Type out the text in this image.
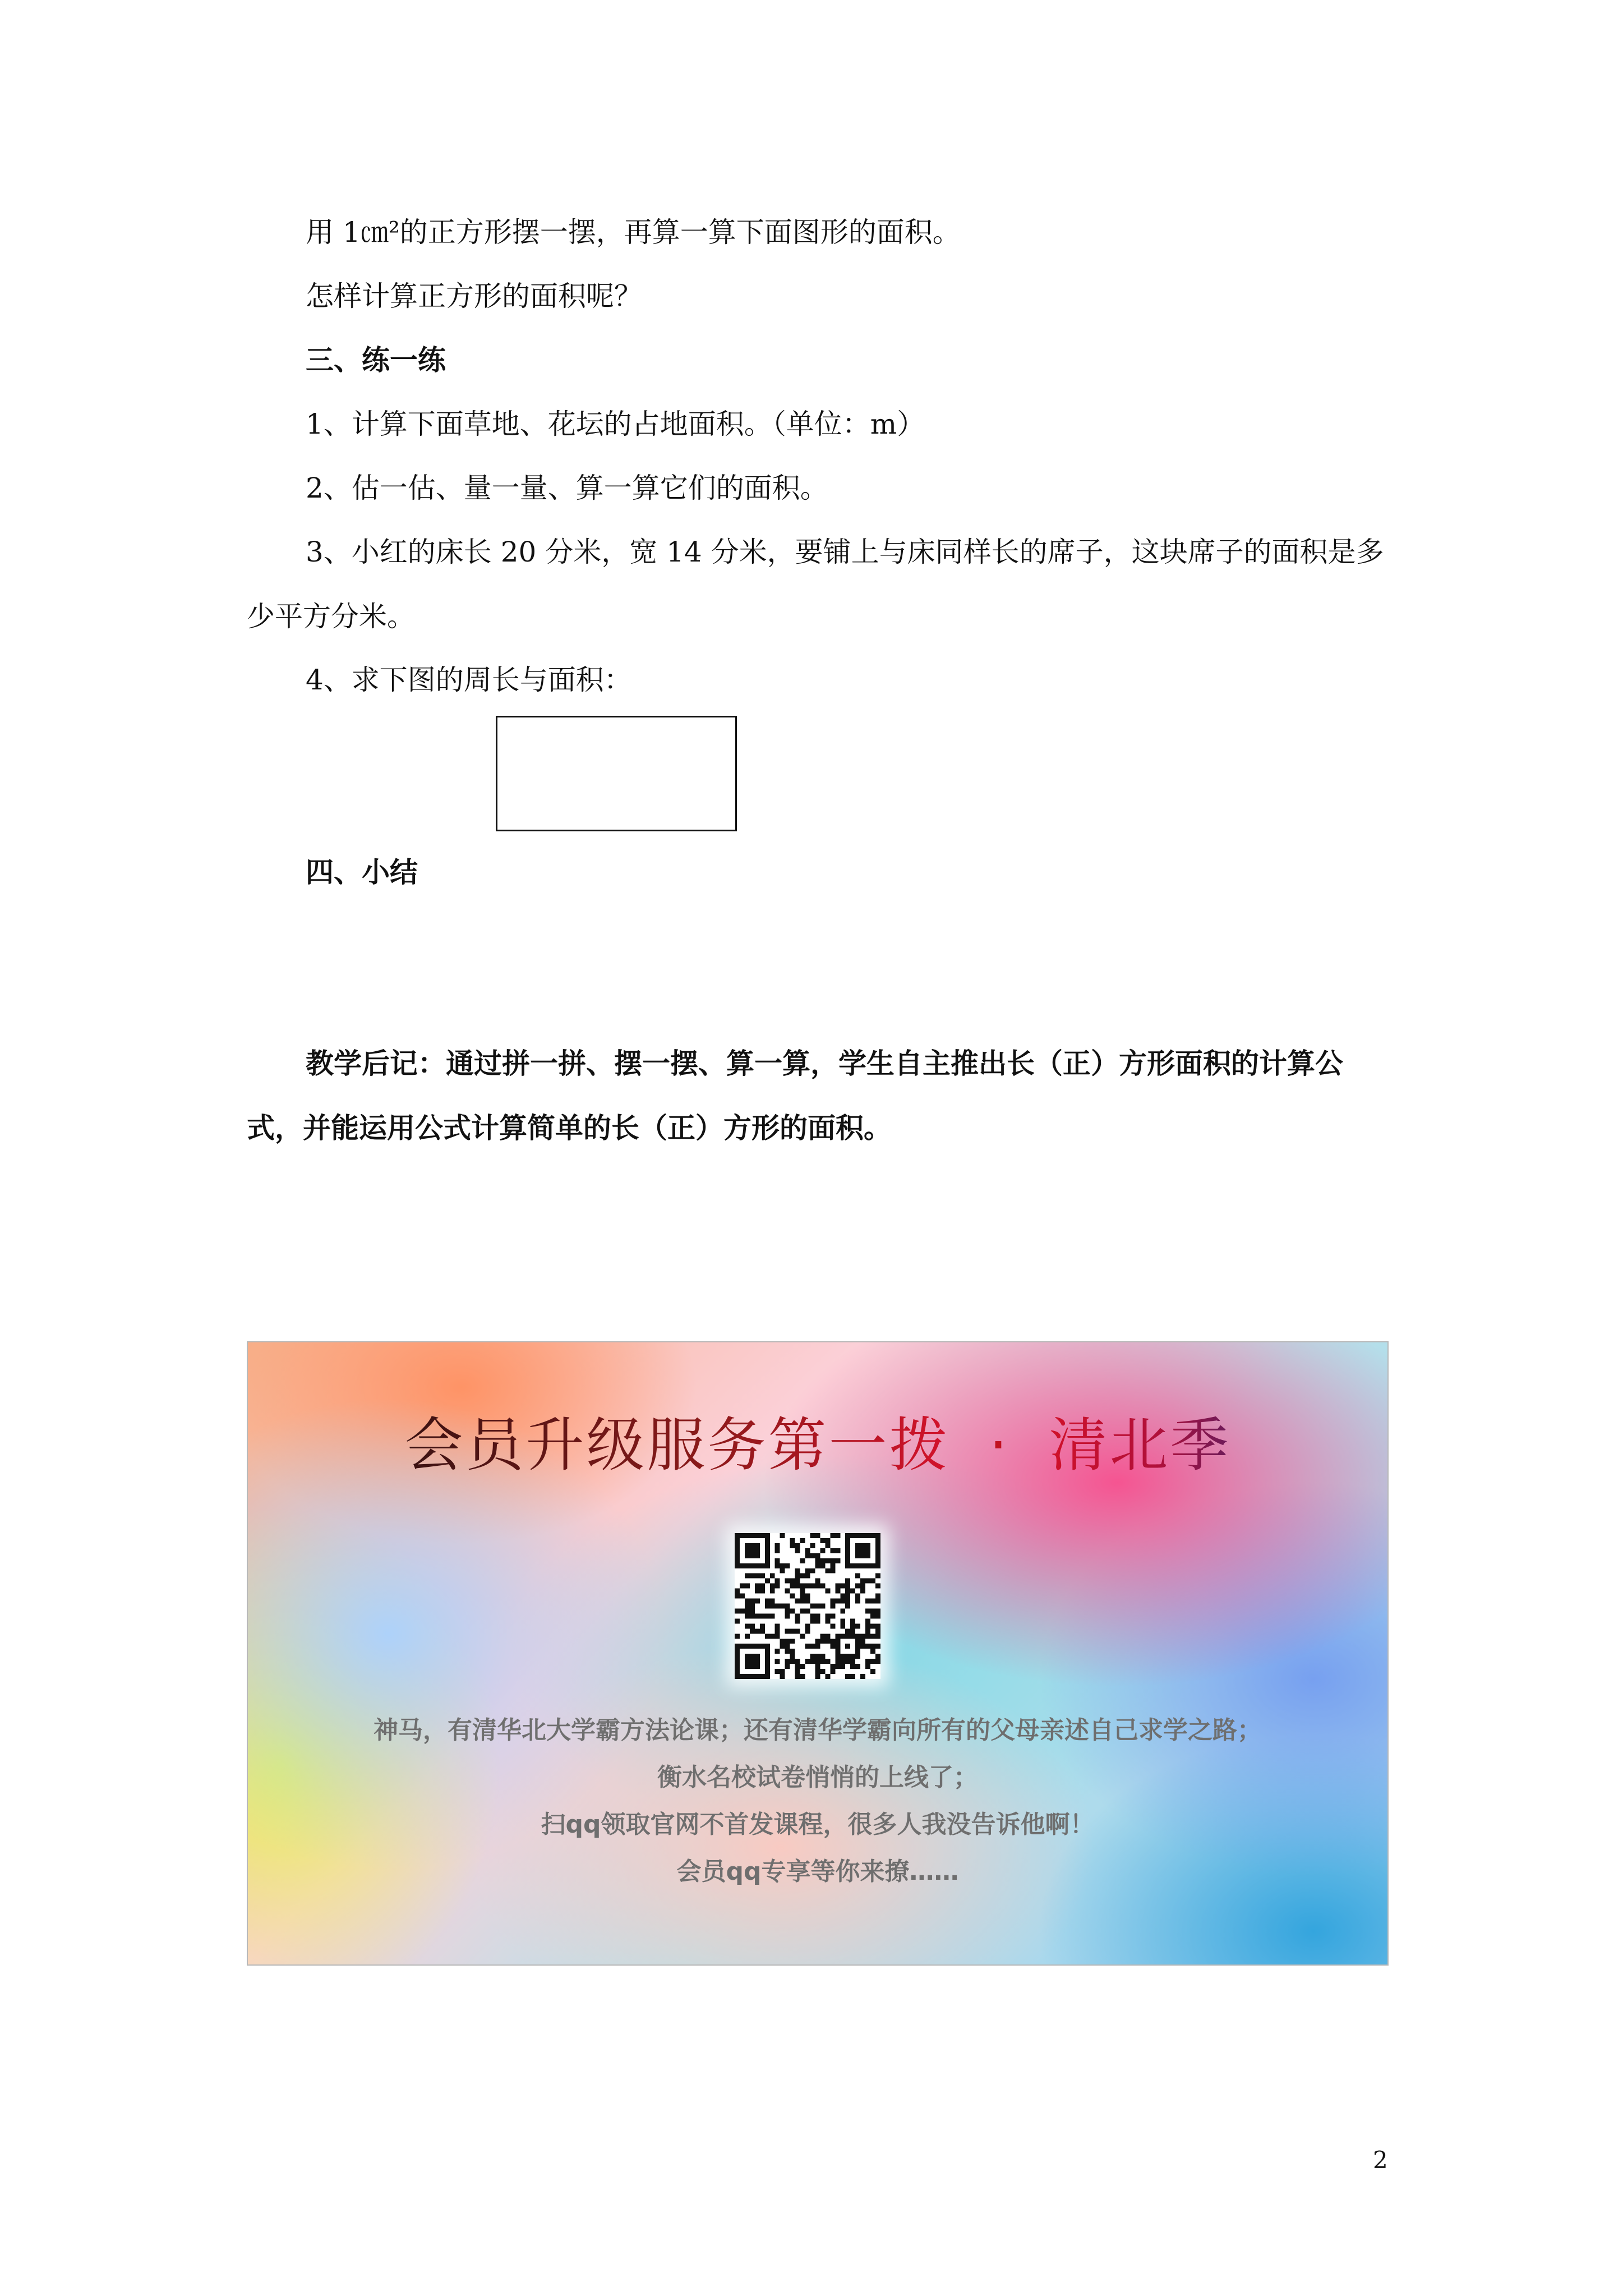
用 1㎝²的正方形摆一摆，再算一算下面图形的面积。

怎样计算正方形的面积呢？

三、练一练

1、计算下面草地、花坛的占地面积。（单位：m）

2、估一估、量一量、算一算它们的面积。

3、小红的床长 20 分米，宽 14 分米，要铺上与床同样长的席子，这块席子的面积是多少平方分米。

4、求下图的周长与面积：

四、小结

教学后记：通过拼一拼、摆一摆、算一算，学生自主推出长（正）方形面积的计算公式，并能运用公式计算简单的长（正）方形的面积。

会员升级服务第一拨 · 清北季
神马，有清华北大学霸方法论课；还有清华学霸向所有的父母亲述自己求学之路；
衡水名校试卷悄悄的上线了；
扫qq领取官网不首发课程，很多人我没告诉他啊！
会员qq专享等你来撩……
2
